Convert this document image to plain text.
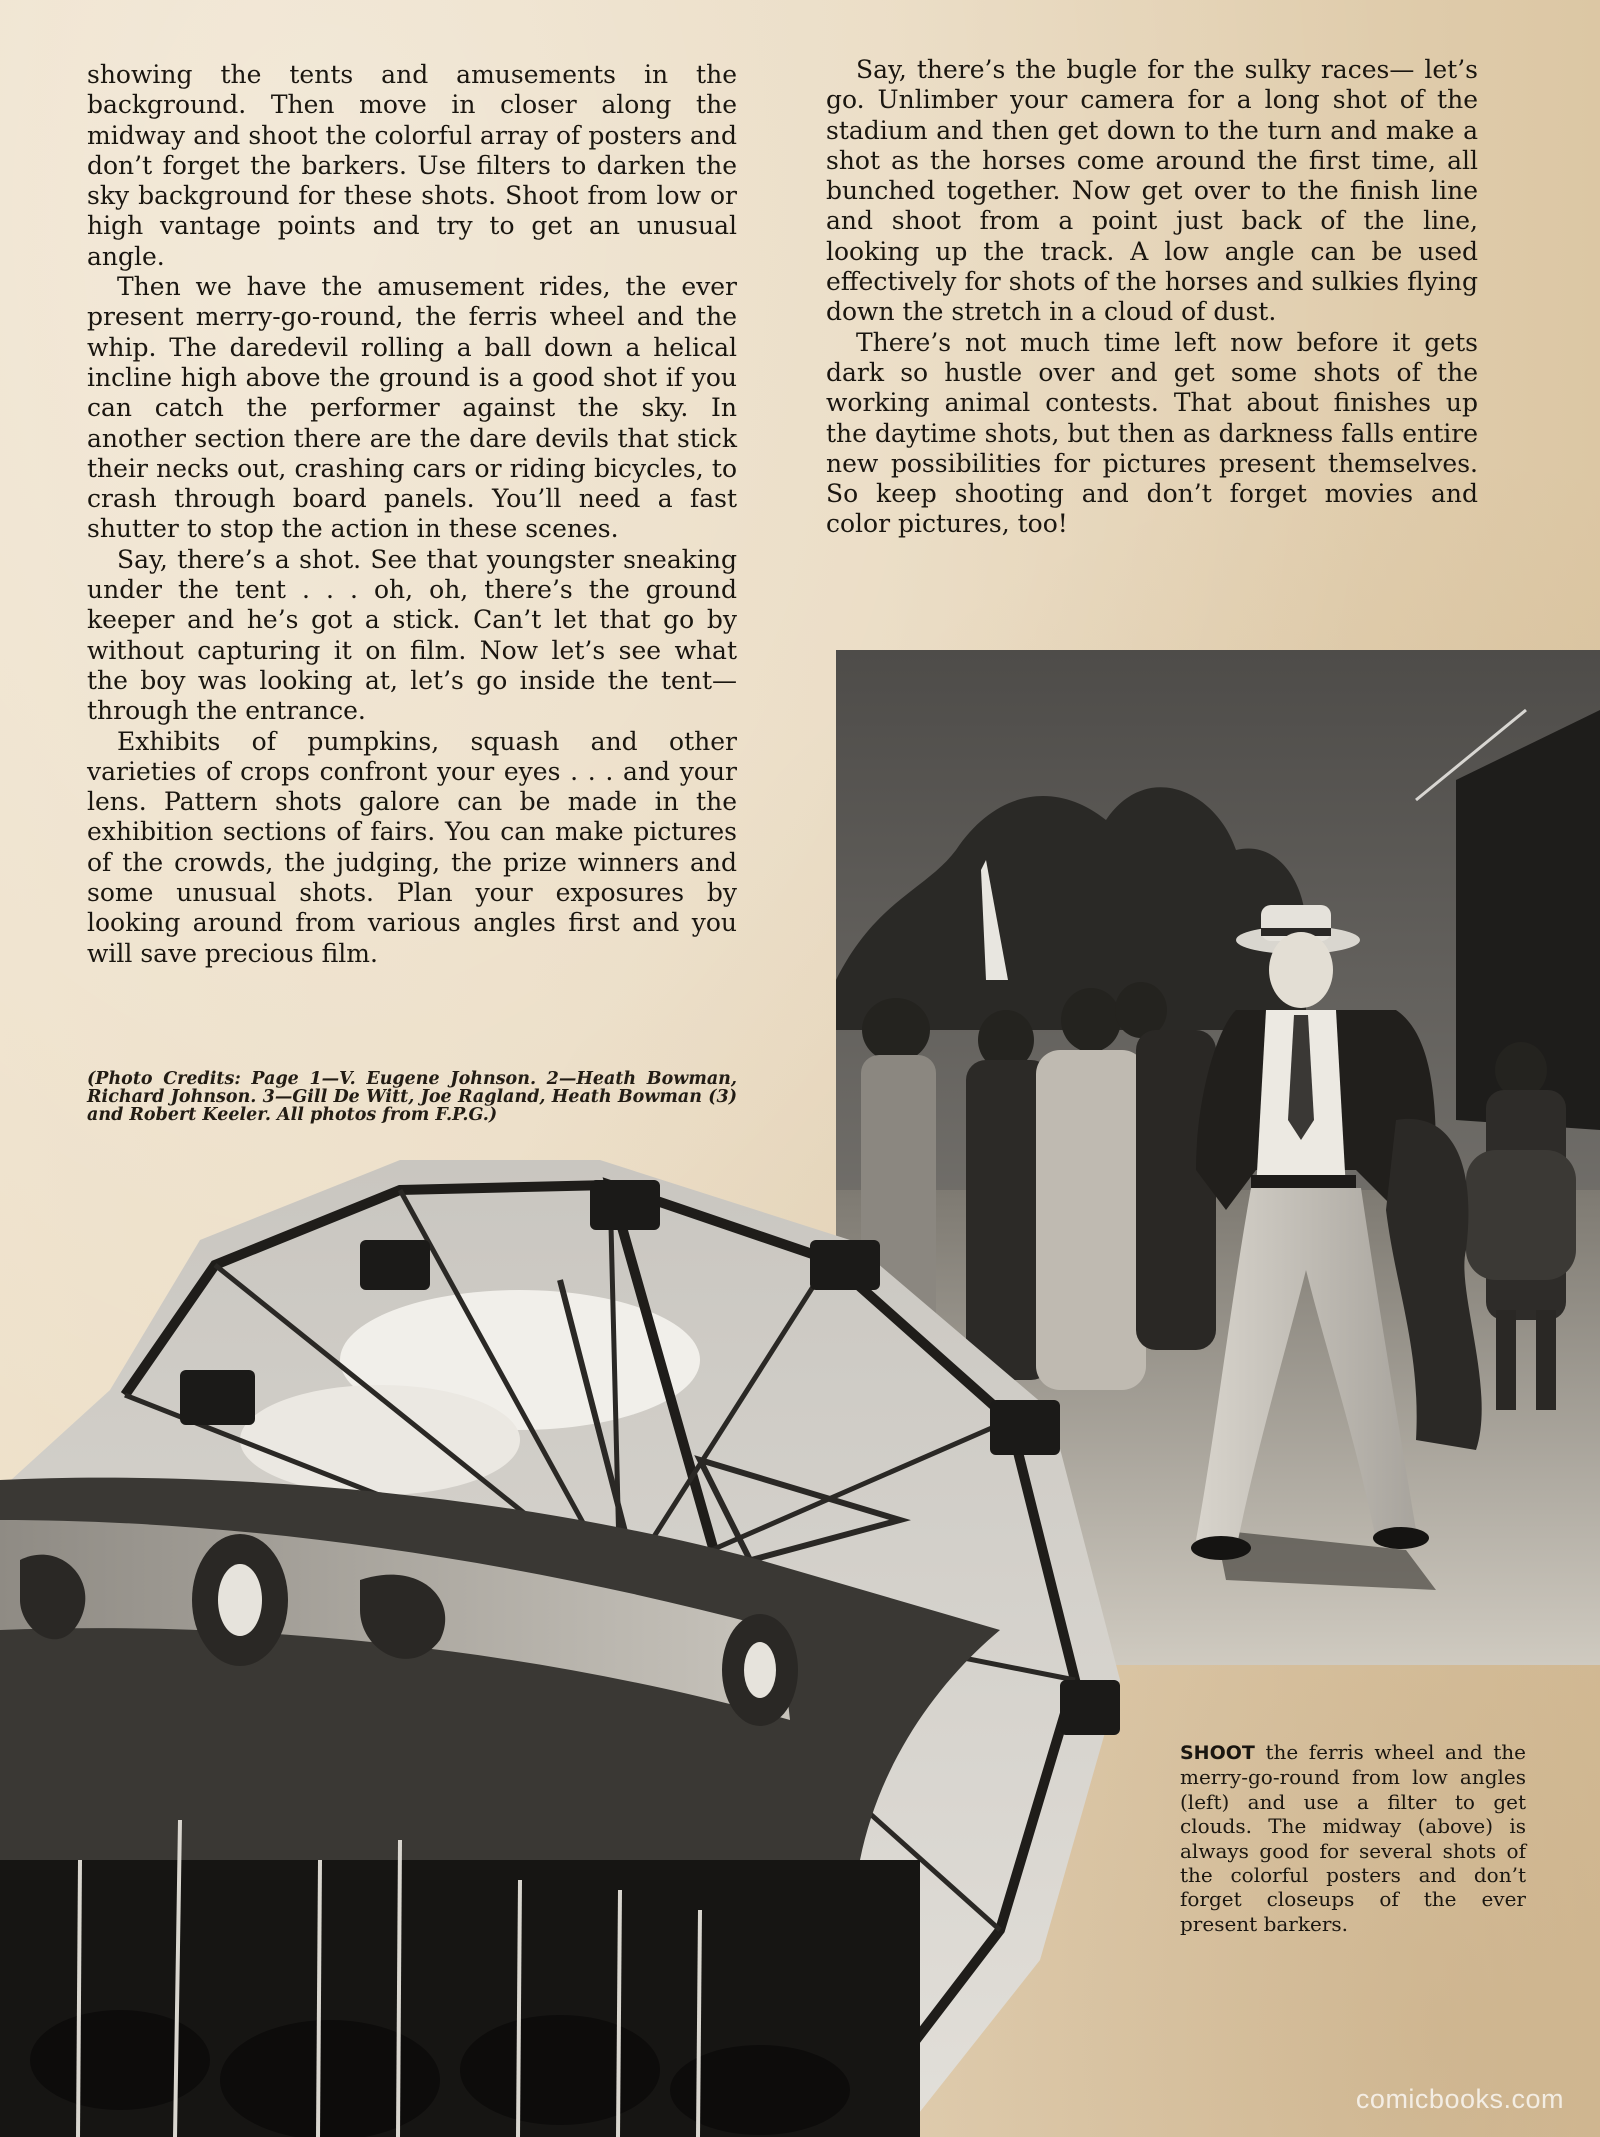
showing the tents and amusements in the background. Then move in closer along the midway and shoot the colorful array of posters and don’t forget the barkers. Use filters to darken the sky background for these shots. Shoot from low or high vantage points and try to get an unusual angle.

Then we have the amusement rides, the ever present merry-go-round, the ferris wheel and the whip. The daredevil rolling a ball down a helical incline high above the ground is a good shot if you can catch the performer against the sky. In another section there are the dare devils that stick their necks out, crashing cars or riding bicycles, to crash through board panels. You’ll need a fast shutter to stop the action in these scenes.

Say, there’s a shot. See that youngster sneaking under the tent . . . oh, oh, there’s the ground keeper and he’s got a stick. Can’t let that go by without capturing it on film. Now let’s see what the boy was looking at, let’s go inside the tent— through the entrance.

Exhibits of pumpkins, squash and other varieties of crops confront your eyes . . . and your lens. Pattern shots galore can be made in the exhibition sections of fairs. You can make pictures of the crowds, the judging, the prize winners and some unusual shots. Plan your exposures by looking around from various angles first and you will save precious film.

(Photo Credits: Page 1—V. Eugene Johnson. 2—Heath Bowman, Richard Johnson. 3—Gill De Witt, Joe Ragland, Heath Bowman (3) and Robert Keeler. All photos from F.P.G.)

Say, there’s the bugle for the sulky races— let’s go. Unlimber your camera for a long shot of the stadium and then get down to the turn and make a shot as the horses come around the first time, all bunched together. Now get over to the finish line and shoot from a point just back of the line, looking up the track. A low angle can be used effectively for shots of the horses and sulkies flying down the stretch in a cloud of dust.

There’s not much time left now before it gets dark so hustle over and get some shots of the working animal contests. That about finishes up the daytime shots, but then as darkness falls entire new possibilities for pictures present themselves. So keep shooting and don’t forget movies and color pictures, too!

SHOOT the ferris wheel and the merry-go-round from low angles (left) and use a filter to get clouds. The midway (above) is always good for several shots of the colorful posters and don’t forget closeups of the ever present barkers.
comicbooks.com
